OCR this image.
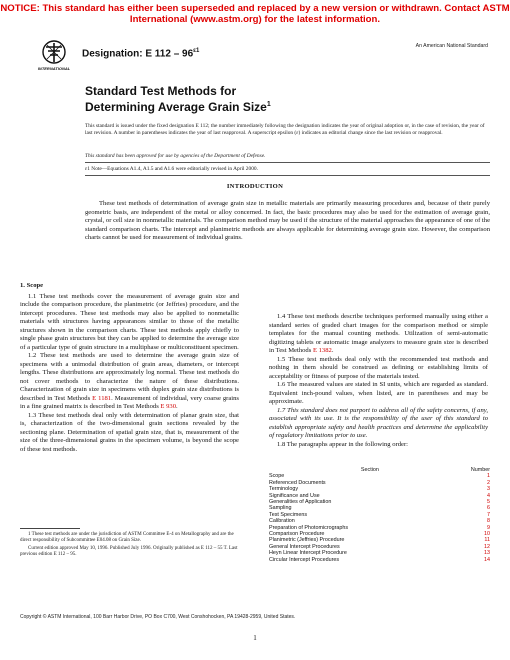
NOTICE: This standard has either been superseded and replaced by a new version or withdrawn. Contact ASTM
International (www.astm.org) for the latest information.
INTERNATIONAL
Designation: E $112 - 96^{\varepsilon 1}$
An American National Standard
Standard Test Methods for
Determining Average Grain Size$^1$
This standard is issued under the fixed designation E 112; the number immediately following the designation indicates the year of original adoption or, in the case of revision, the year of last revision. A number in parentheses indicates the year of last reapproval. A superscript epsilon (ε) indicates an editorial change since the last revision or reapproval.
This standard has been approved for use by agencies of the Department of Defense.
ε1 Note—Equations A1.4, A1.5 and A1.6 were editorially revised in April 2000.
INTRODUCTION
These test methods of determination of average grain size in metallic materials are primarily measuring procedures and, because of their purely geometric basis, are independent of the metal or alloy concerned. In fact, the basic procedures may also be used for the estimation of average grain, crystal, or cell size in nonmetallic materials. The comparison method may be used if the structure of the material approaches the appearance of one of the standard comparison charts. The intercept and planimetric methods are always applicable for determining average grain size. However, the comparison charts cannot be used for measurement of individual grains.

1. Scope

1.1 These test methods cover the measurement of average grain size and include the comparison procedure, the planimetric (or Jeffries) procedure, and the intercept procedures. These test methods may also be applied to nonmetallic materials with structures having appearances similar to those of the metallic structures shown in the comparison charts. These test methods apply chiefly to single phase grain structures but they can be applied to determine the average size of a particular type of grain structure in a multiphase or multiconstituent specimen.

1.2 These test methods are used to determine the average grain size of specimens with a unimodal distribution of grain areas, diameters, or intercept lengths. These distributions are approximately log normal. These test methods do not cover methods to characterize the nature of these distributions. Characterization of grain size in specimens with duplex grain size distributions is described in Test Methods E 1181. Measurement of individual, very coarse grains in a fine grained matrix is described in Test Methods E 930.

1.3 These test methods deal only with determination of planar grain size, that is, characterization of the two-dimensional grain sections revealed by the sectioning plane. Determination of spatial grain size, that is, measurement of the size of the three-dimensional grains in the specimen volume, is beyond the scope of these test methods.

1.4 These test methods describe techniques performed manually using either a standard series of graded chart images for the comparison method or simple templates for the manual counting methods. Utilization of semi-automatic digitizing tablets or automatic image analyzers to measure grain size is described in Test Methods E 1382.

1.5 These test methods deal only with the recommended test methods and nothing in them should be construed as defining or establishing limits of acceptability or fitness of purpose of the materials tested.

1.6 The measured values are stated in SI units, which are regarded as standard. Equivalent inch-pound values, when listed, are in parentheses and may be approximate.

1.7 This standard does not purport to address all of the safety concerns, if any, associated with its use. It is the responsibility of the user of this standard to establish appropriate safety and health practices and determine the applicability of regulatory limitations prior to use.

1.8 The paragraphs appear in the following order:

Section	Number
Scope	1
Referenced Documents	2
Terminology	3
Significance and Use	4
Generalities of Application	5
Sampling	6
Test Specimens	7
Calibration	8
Preparation of Photomicrographs	9
Comparison Procedure	10
Planimetric (Jeffries) Procedure	11
General Intercept Procedures	12
Heyn Linear Intercept Procedure	13
Circular Intercept Procedures	14

1 These test methods are under the jurisdiction of ASTM Committee E-4 on Metallography and are the direct responsibility of Subcommittee E04.08 on Grain Size.

Current edition approved May 10, 1996. Published July 1996. Originally published as E 112 – 55 T. Last previous edition E 112 – 95.

Copyright © ASTM International, 100 Barr Harbor Drive, PO Box C700, West Conshohocken, PA 19428-2959, United States.
1
